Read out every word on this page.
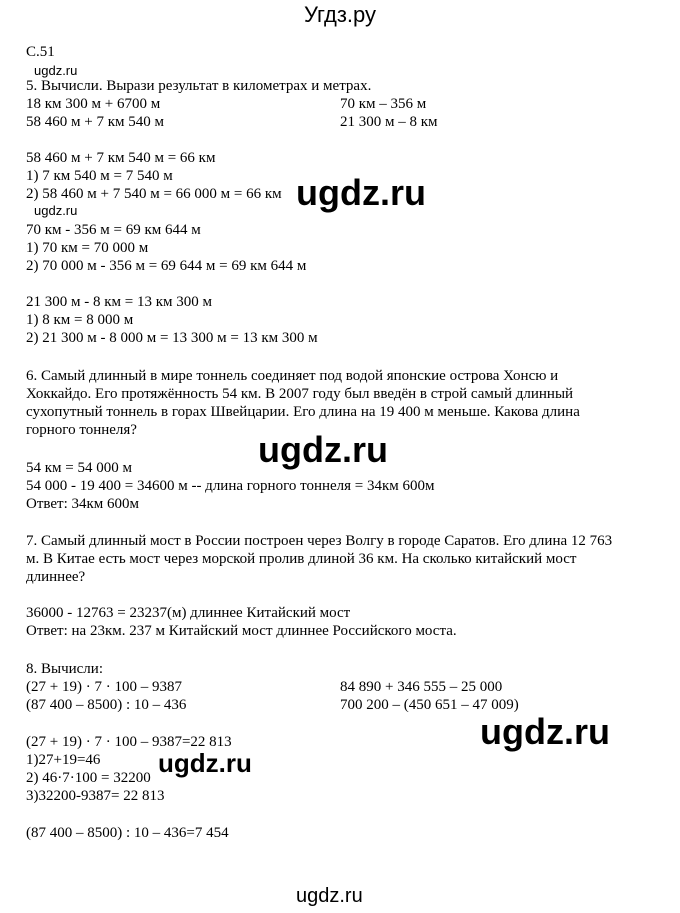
Угдз.ру
С.51
ugdz.ru
5. Вычисли. Вырази результат в километрах и метрах.
18 км 300 м + 6700 м	70 км – 356 м
58 460 м + 7 км 540 м	21 300 м – 8 км
58 460 м + 7 км 540 м = 66 км
1) 7 км 540 м = 7 540 м
2) 58 460 м + 7 540 м = 66 000 м = 66 км ugdz.ru
ugdz.ru
70 км - 356 м = 69 км 644 м
1) 70 км = 70 000 м
2) 70 000 м - 356 м = 69 644 м = 69 км 644 м
21 300 м - 8 км = 13 км 300 м
1) 8 км = 8 000 м
2) 21 300 м - 8 000 м = 13 300 м = 13 км 300 м
6. Самый длинный в мире тоннель соединяет под водой японские острова Хонсю и
Хоккайдо. Его протяжённость 54 км. В 2007 году был введён в строй самый длинный
сухопутный тоннель в горах Швейцарии. Его длина на 19 400 м меньше. Какова длина
горного тоннеля?	ugdz.ru
54 км = 54 000 м
54 000 - 19 400 = 34600 м -- длина горного тоннеля = 34км 600м
Ответ: 34км 600м
7. Самый длинный мост в России построен через Волгу в городе Саратов. Его длина 12 763
м. В Китае есть мост через морской пролив длиной 36 км. На сколько китайский мост
длиннее?
36000 - 12763 = 23237(м) длиннее Китайский мост
Ответ: на 23км. 237 м Китайский мост длиннее Российского моста.
8. Вычисли:
(27 + 19) · 7 · 100 – 9387	84 890 + 346 555 – 25 000
(87 400 – 8500) : 10 – 436	700 200 – (450 651 – 47 009)
ugdz.ru
(27 + 19) · 7 · 100 – 9387=22 813
1)27+19=46 ugdz.ru
2) 46·7·100 = 32200
3)32200-9387= 22 813
(87 400 – 8500) : 10 – 436=7 454
ugdz.ru
